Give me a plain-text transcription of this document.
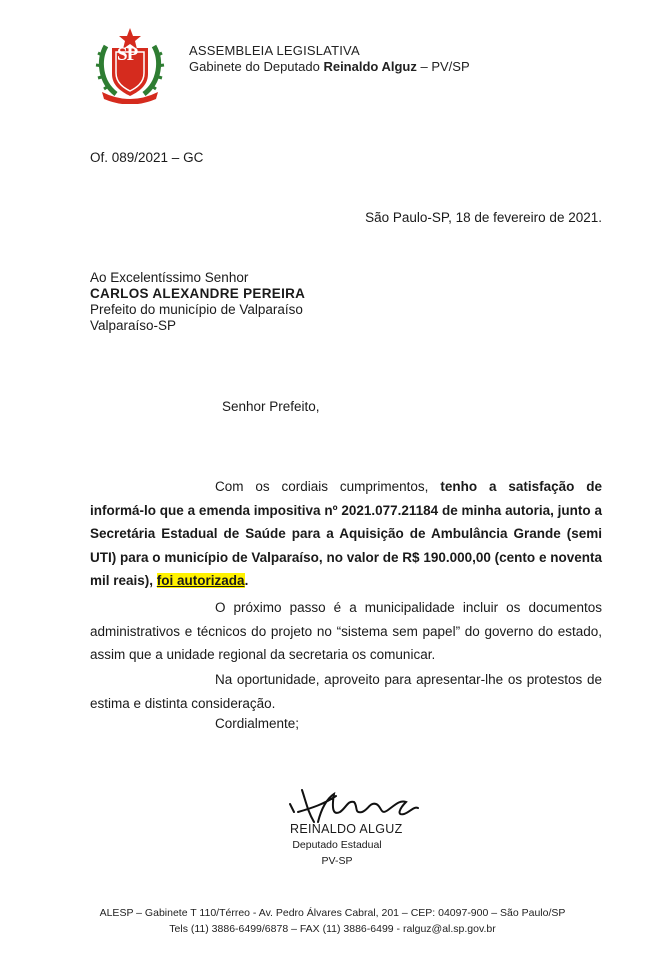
SP	ASSEMBLEIA LEGISLATIVA
Gabinete do Deputado Reinaldo Alguz – PV/SP
Of. 089/2021 – GC
São Paulo-SP, 18 de fevereiro de 2021.
Ao Excelentíssimo Senhor
CARLOS ALEXANDRE PEREIRA
Prefeito do município de Valparaíso
Valparaíso-SP
Senhor Prefeito,
Com os cordiais cumprimentos, tenho a satisfação de informá-lo que a emenda impositiva nº 2021.077.21184 de minha autoria, junto a Secretária Estadual de Saúde para a Aquisição de Ambulância Grande (semi UTI) para o município de Valparaíso, no valor de R$ 190.000,00 (cento e noventa mil reais), foi autorizada.
O próximo passo é a municipalidade incluir os documentos administrativos e técnicos do projeto no “sistema sem papel” do governo do estado, assim que a unidade regional da secretaria os comunicar.
Na oportunidade, aproveito para apresentar-lhe os protestos de estima e distinta consideração.
Cordialmente;
REINALDO ALGUZ
Deputado Estadual
PV-SP
ALESP – Gabinete T 110/Térreo - Av. Pedro Álvares Cabral, 201 – CEP: 04097-900 – São Paulo/SP
Tels (11) 3886-6499/6878 – FAX (11) 3886-6499 - ralguz@al.sp.gov.br
